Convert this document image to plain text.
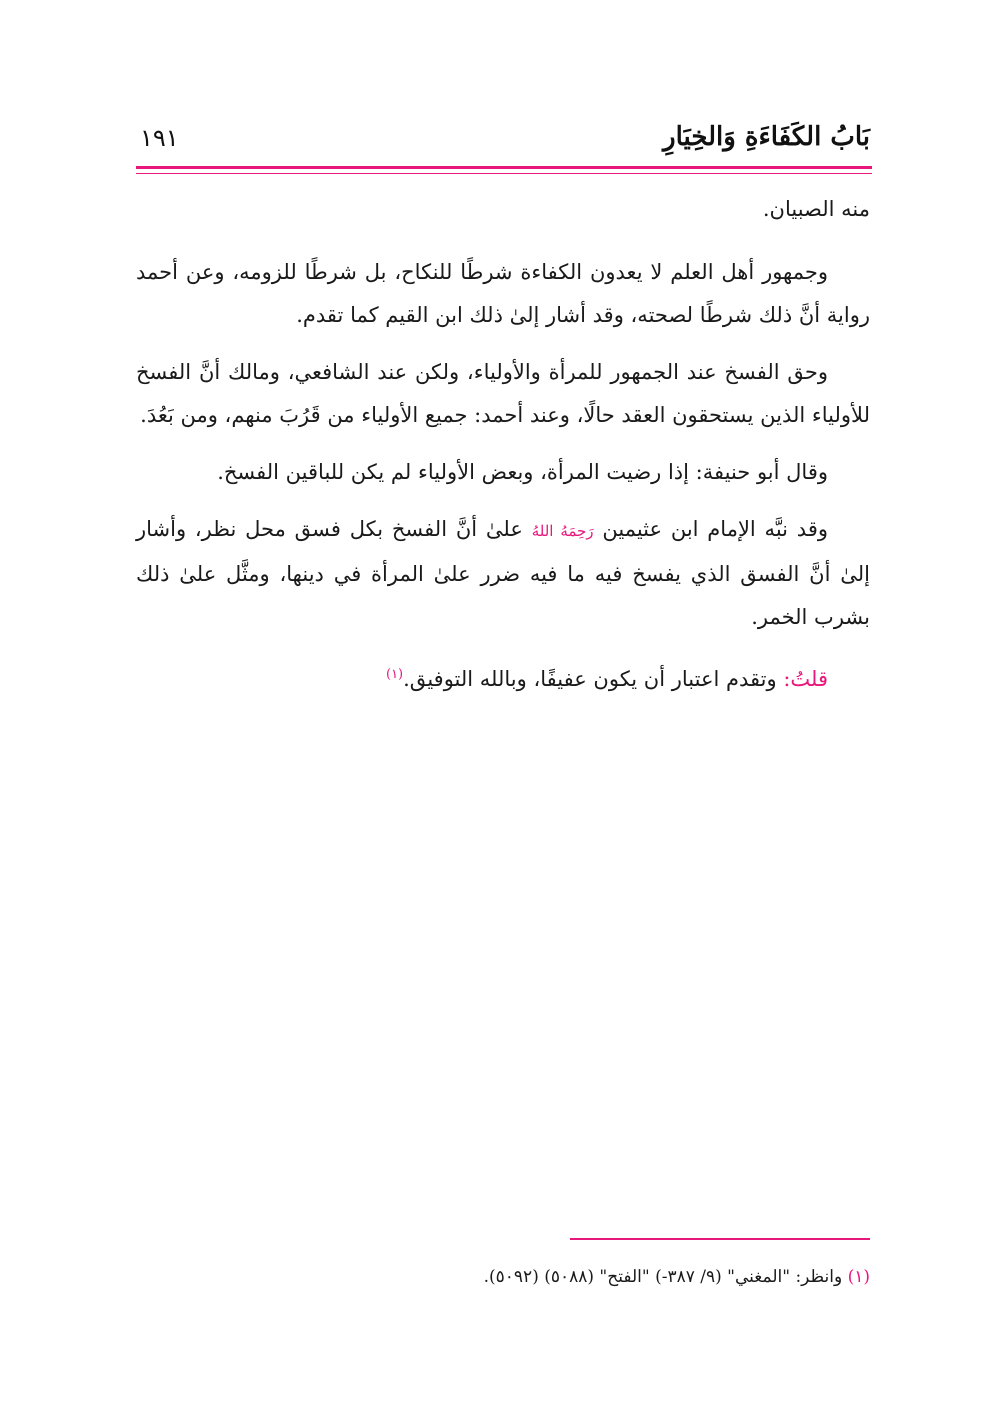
بَابُ الكَفَاءَةِ وَالخِيَارِ
١٩١

منه الصبيان.

وجمهور أهل العلم لا يعدون الكفاءة شرطًا للنكاح، بل شرطًا للزومه، وعن أحمد رواية أنَّ ذلك شرطًا لصحته، وقد أشار إلىٰ ذلك ابن القيم كما تقدم.

وحق الفسخ عند الجمهور للمرأة والأولياء، ولكن عند الشافعي، ومالك أنَّ الفسخ للأولياء الذين يستحقون العقد حالًا، وعند أحمد: جميع الأولياء من قَرُبَ منهم، ومن بَعُدَ.

وقال أبو حنيفة: إذا رضيت المرأة، وبعض الأولياء لم يكن للباقين الفسخ.

وقد نبَّه الإمام ابن عثيمين رَحِمَهُ اللهُ علىٰ أنَّ الفسخ بكل فسق محل نظر، وأشار إلىٰ أنَّ الفسق الذي يفسخ فيه ما فيه ضرر علىٰ المرأة في دينها، ومثَّل علىٰ ذلك بشرب الخمر.

قلتُ: وتقدم اعتبار أن يكون عفيفًا، وبالله التوفيق.$^{(١)}$

(١) وانظر: "المغني" (٩/ ٣٨٧-) "الفتح" (٥٠٨٨) (٥٠٩٢).
